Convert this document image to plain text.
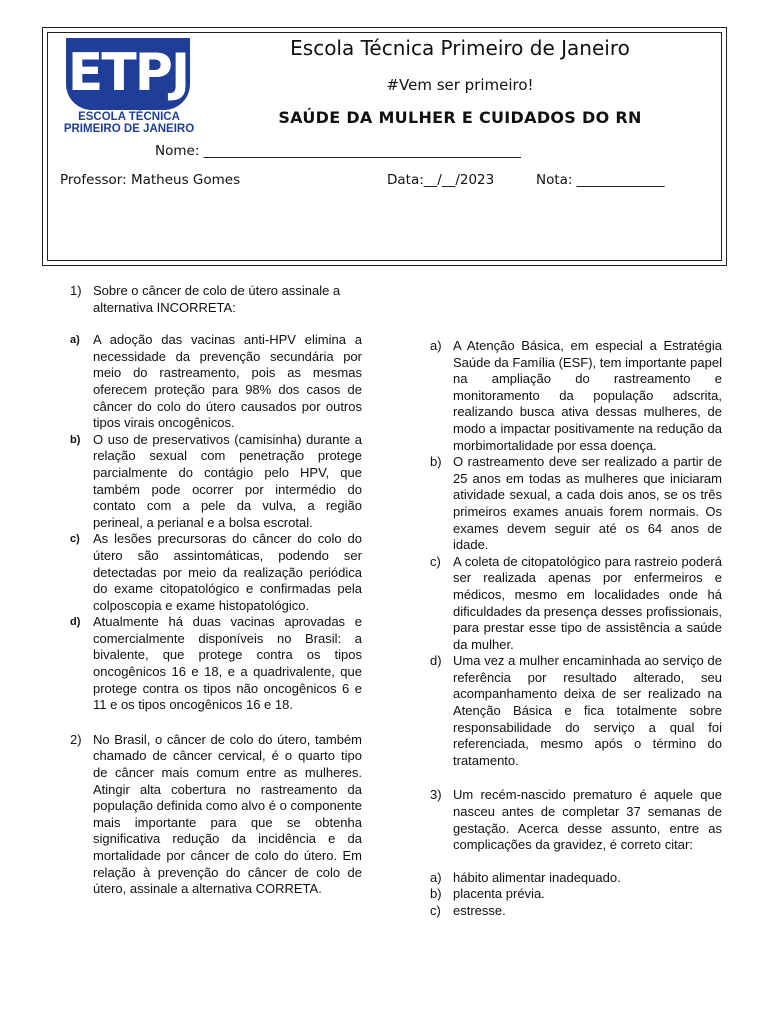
ETPJ
ESCOLA TÉCNICA
PRIMEIRO DE JANEIRO
Escola Técnica Primeiro de Janeiro
#Vem ser primeiro!
SAÚDE DA MULHER E CUIDADOS DO RN
Nome: _______________________________________________
Professor: Matheus Gomes	Data:__/__/2023	Nota: _____________
1) Sobre o câncer de colo de útero assinale a alternativa INCORRETA:
a)	A adoção das vacinas anti-HPV elimina a necessidade da prevenção secundária por meio do rastreamento, pois as mesmas oferecem proteção para 98% dos casos de câncer do colo do útero causados por outros tipos virais oncogênicos.
b) O uso de preservativos (camisinha) durante a relação sexual com penetração protege parcialmente do contágio pelo HPV, que também pode ocorrer por intermédio do contato com a pele da vulva, a região perineal, a perianal e a bolsa escrotal.
c)	As lesões precursoras do câncer do colo do útero são assintomáticas, podendo ser detectadas por meio da realização periódica do exame citopatológico e confirmadas pela colposcopia e exame histopatológico.
d) Atualmente há duas vacinas aprovadas e comercialmente disponíveis no Brasil: a bivalente, que protege contra os tipos oncogênicos 16 e 18, e a quadrivalente, que protege contra os tipos não oncogênicos 6 e 11 e os tipos oncogênicos 16 e 18.
2) No Brasil, o câncer de colo do útero, também chamado de câncer cervical, é o quarto tipo de câncer mais comum entre as mulheres. Atingir alta cobertura no rastreamento da população definida como alvo é o componente mais importante para que se obtenha significativa redução da incidência e da mortalidade por câncer de colo do útero. Em relação à prevenção do câncer de colo de útero, assinale a alternativa CORRETA.
a) A Atenção Básica, em especial a Estratégia Saúde da Família (ESF), tem importante papel na ampliação do rastreamento e monitoramento da população adscrita, realizando busca ativa dessas mulheres, de modo a impactar positivamente na redução da morbimortalidade por essa doença.
b) O rastreamento deve ser realizado a partir de 25 anos em todas as mulheres que iniciaram atividade sexual, a cada dois anos, se os três primeiros exames anuais forem normais. Os exames devem seguir até os 64 anos de idade.
c) A coleta de citopatológico para rastreio poderá ser realizada apenas por enfermeiros e médicos, mesmo em localidades onde há dificuldades da presença desses profissionais, para prestar esse tipo de assistência a saúde da mulher.
d) Uma vez a mulher encaminhada ao serviço de referência por resultado alterado, seu acompanhamento deixa de ser realizado na Atenção Básica e fica totalmente sobre responsabilidade do serviço a qual foi referenciada, mesmo após o término do tratamento.
3) Um recém-nascido prematuro é aquele que nasceu antes de completar 37 semanas de gestação. Acerca desse assunto, entre as complicações da gravidez, é correto citar:
a) hábito alimentar inadequado.
b) placenta prévia.
c) estresse.
